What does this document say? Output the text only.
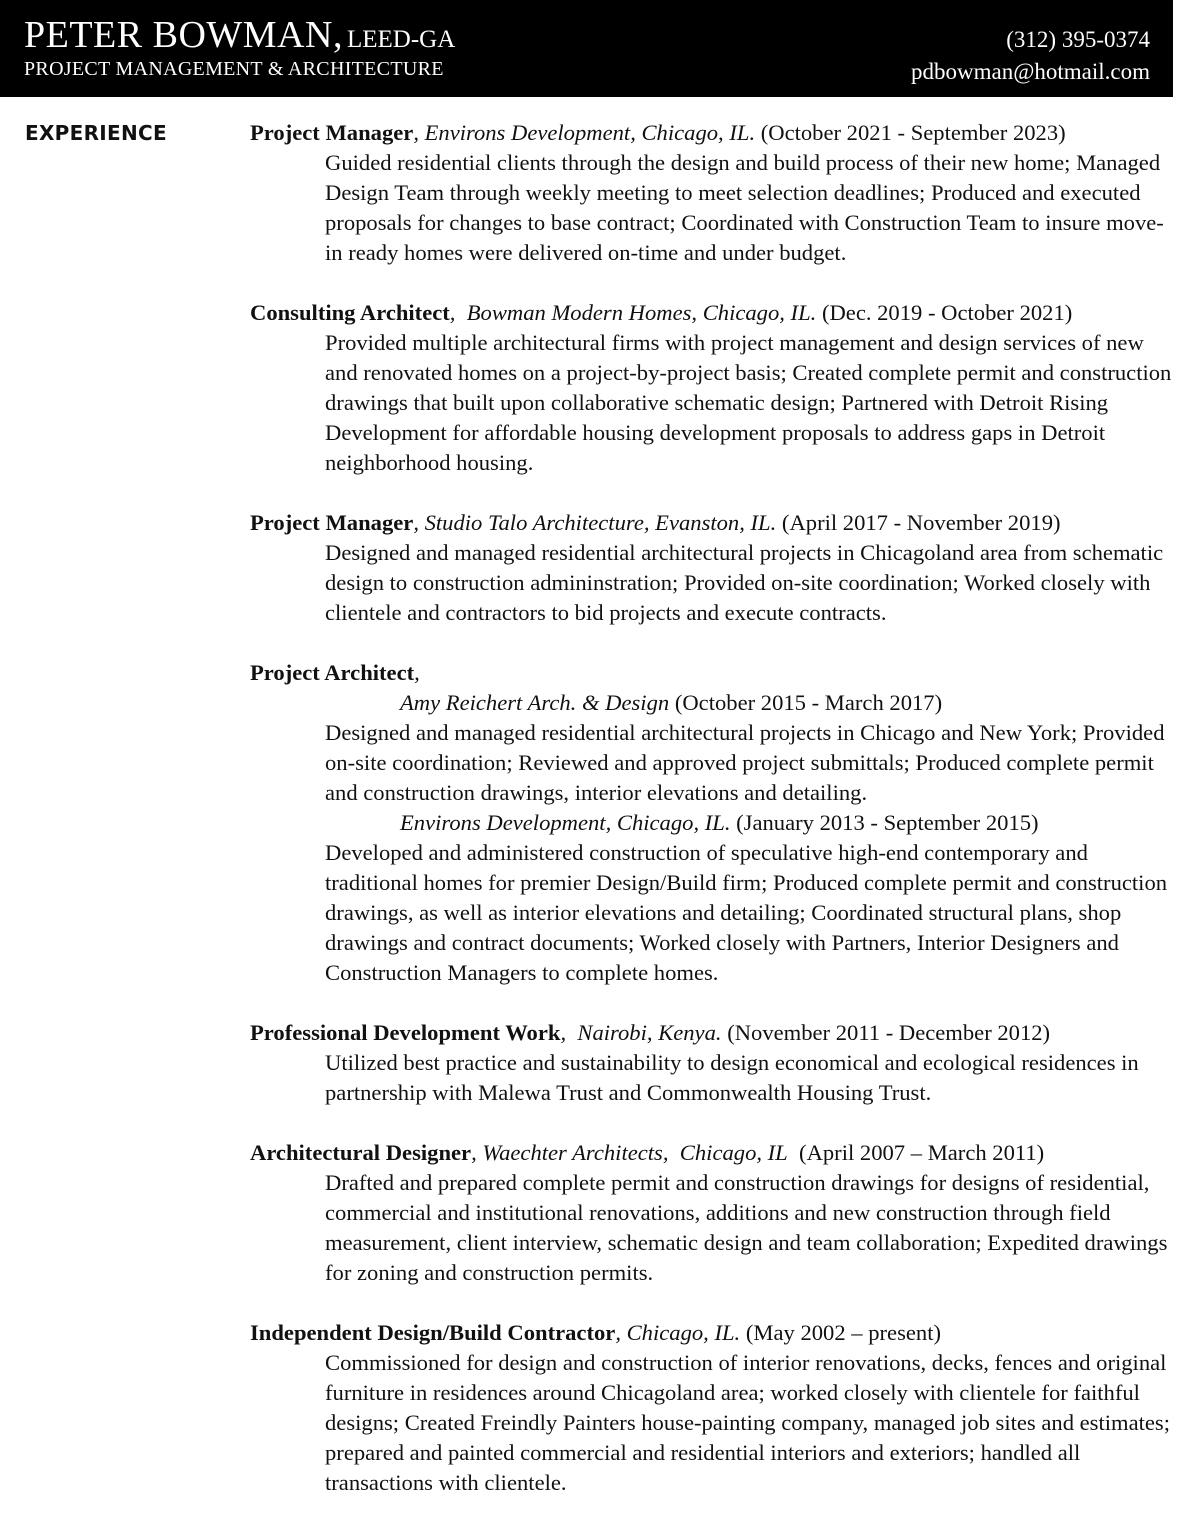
PETER BOWMAN, LEED-GA
PROJECT MANAGEMENT & ARCHITECTURE
(312) 395-0374
pdbowman@hotmail.com
EXPERIENCE	Project Manager, Environs Development, Chicago, IL. (October 2021 - September 2023)
Guided residential clients through the design and build process of their new home; Managed Design Team through weekly meeting to meet selection deadlines; Produced and executed proposals for changes to base contract; Coordinated with Construction Team to insure move-in ready homes were delivered on-time and under budget.
Consulting Architect,  Bowman Modern Homes, Chicago, IL. (Dec. 2019 - October 2021)
Provided multiple architectural firms with project management and design services of new and renovated homes on a project-by-project basis; Created complete permit and construction drawings that built upon collaborative schematic design; Partnered with Detroit Rising Development for affordable housing development proposals to address gaps in Detroit neighborhood housing.
Project Manager, Studio Talo Architecture, Evanston, IL. (April 2017 - November 2019)
Designed and managed residential architectural projects in Chicagoland area from schematic design to construction admininstration; Provided on-site coordination; Worked closely with clientele and contractors to bid projects and execute contracts.
Project Architect,
Amy Reichert Arch. & Design (October 2015 - March 2017)
Designed and managed residential architectural projects in Chicago and New York; Provided on-site coordination; Reviewed and approved project submittals; Produced complete permit and construction drawings, interior elevations and detailing.
Environs Development, Chicago, IL. (January 2013 - September 2015)
Developed and administered construction of speculative high-end contemporary and traditional homes for premier Design/Build firm; Produced complete permit and construction drawings, as well as interior elevations and detailing; Coordinated structural plans, shop drawings and contract documents; Worked closely with Partners, Interior Designers and Construction Managers to complete homes.
Professional Development Work,  Nairobi, Kenya. (November 2011 - December 2012)
Utilized best practice and sustainability to design economical and ecological residences in partnership with Malewa Trust and Commonwealth Housing Trust.
Architectural Designer, Waechter Architects,  Chicago, IL  (April 2007 – March 2011)
Drafted and prepared complete permit and construction drawings for designs of residential, commercial and institutional renovations, additions and new construction through field measurement, client interview, schematic design and team collaboration; Expedited drawings for zoning and construction permits.
Independent Design/Build Contractor, Chicago, IL. (May 2002 – present)
Commissioned for design and construction of interior renovations, decks, fences and original furniture in residences around Chicagoland area; worked closely with clientele for faithful designs; Created Freindly Painters house-painting company, managed job sites and estimates; prepared and painted commercial and residential interiors and exteriors; handled all transactions with clientele.
